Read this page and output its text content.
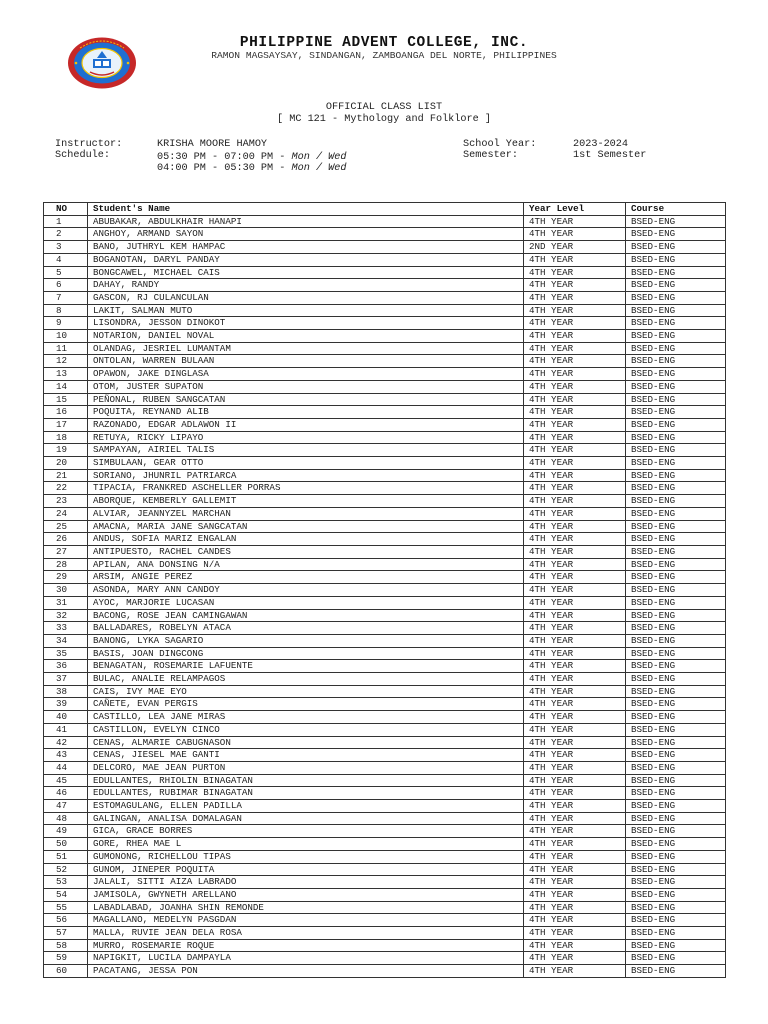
PHILIPPINE ADVENT COLLEGE, INC.
RAMON MAGSAYSAY, SINDANGAN, ZAMBOANGA DEL NORTE, PHILIPPINES
OFFICIAL CLASS LIST
[ MC 121 - Mythology and Folklore ]
Instructor:	KRISHA MOORE HAMOY
Schedule:	05:30 PM - 07:00 PM - Mon / Wed
04:00 PM - 05:30 PM - Mon / Wed
School Year:	2023-2024
Semester:	1st Semester
NO	Student's Name	Year Level	Course
1	ABUBAKAR, ABDULKHAIR HANAPI	4TH YEAR	BSED-ENG
2	ANGHOY, ARMAND SAYON	4TH YEAR	BSED-ENG
3	BANO, JUTHRYL KEM HAMPAC	2ND YEAR	BSED-ENG
4	BOGANOTAN, DARYL PANDAY	4TH YEAR	BSED-ENG
5	BONGCAWEL, MICHAEL CAIS	4TH YEAR	BSED-ENG
6	DAHAY, RANDY	4TH YEAR	BSED-ENG
7	GASCON, RJ CULANCULAN	4TH YEAR	BSED-ENG
8	LAKIT, SALMAN MUTO	4TH YEAR	BSED-ENG
9	LISONDRA, JESSON DINOKOT	4TH YEAR	BSED-ENG
10	NOTARION, DANIEL NOVAL	4TH YEAR	BSED-ENG
11	OLANDAG, JESRIEL LUMANTAM	4TH YEAR	BSED-ENG
12	ONTOLAN, WARREN BULAAN	4TH YEAR	BSED-ENG
13	OPAWON, JAKE DINGLASA	4TH YEAR	BSED-ENG
14	OTOM, JUSTER SUPATON	4TH YEAR	BSED-ENG
15	PEÑONAL, RUBEN SANGCATAN	4TH YEAR	BSED-ENG
16	POQUITA, REYNAND ALIB	4TH YEAR	BSED-ENG
17	RAZONADO, EDGAR ADLAWON II	4TH YEAR	BSED-ENG
18	RETUYA, RICKY LIPAYO	4TH YEAR	BSED-ENG
19	SAMPAYAN, AIRIEL TALIS	4TH YEAR	BSED-ENG
20	SIMBULAAN, GEAR OTTO	4TH YEAR	BSED-ENG
21	SORIANO, JHUNRIL PATRIARCA	4TH YEAR	BSED-ENG
22	TIPACIA, FRANKRED ASCHELLER PORRAS	4TH YEAR	BSED-ENG
23	ABORQUE, KEMBERLY GALLEMIT	4TH YEAR	BSED-ENG
24	ALVIAR, JEANNYZEL MARCHAN	4TH YEAR	BSED-ENG
25	AMACNA, MARIA JANE SANGCATAN	4TH YEAR	BSED-ENG
26	ANDUS, SOFIA MARIZ ENGALAN	4TH YEAR	BSED-ENG
27	ANTIPUESTO, RACHEL CANDES	4TH YEAR	BSED-ENG
28	APILAN, ANA DONSING N/A	4TH YEAR	BSED-ENG
29	ARSIM, ANGIE PEREZ	4TH YEAR	BSED-ENG
30	ASONDA, MARY ANN CANDOY	4TH YEAR	BSED-ENG
31	AYOC, MARJORIE LUCASAN	4TH YEAR	BSED-ENG
32	BACONG, ROSE JEAN CAMINGAWAN	4TH YEAR	BSED-ENG
33	BALLADARES, ROBELYN ATACA	4TH YEAR	BSED-ENG
34	BANONG, LYKA SAGARIO	4TH YEAR	BSED-ENG
35	BASIS, JOAN DINGCONG	4TH YEAR	BSED-ENG
36	BENAGATAN, ROSEMARIE LAFUENTE	4TH YEAR	BSED-ENG
37	BULAC, ANALIE RELAMPAGOS	4TH YEAR	BSED-ENG
38	CAIS, IVY MAE EYO	4TH YEAR	BSED-ENG
39	CAÑETE, EVAN PERGIS	4TH YEAR	BSED-ENG
40	CASTILLO, LEA JANE MIRAS	4TH YEAR	BSED-ENG
41	CASTILLON, EVELYN CINCO	4TH YEAR	BSED-ENG
42	CENAS, ALMARIE CABUGNASON	4TH YEAR	BSED-ENG
43	CENAS, JIESEL MAE GANTI	4TH YEAR	BSED-ENG
44	DELCORO, MAE JEAN PURTON	4TH YEAR	BSED-ENG
45	EDULLANTES, RHIOLIN BINAGATAN	4TH YEAR	BSED-ENG
46	EDULLANTES, RUBIMAR BINAGATAN	4TH YEAR	BSED-ENG
47	ESTOMAGULANG, ELLEN PADILLA	4TH YEAR	BSED-ENG
48	GALINGAN, ANALISA DOMALAGAN	4TH YEAR	BSED-ENG
49	GICA, GRACE BORRES	4TH YEAR	BSED-ENG
50	GORE, RHEA MAE L	4TH YEAR	BSED-ENG
51	GUMONONG, RICHELLOU TIPAS	4TH YEAR	BSED-ENG
52	GUNOM, JINEPER POQUITA	4TH YEAR	BSED-ENG
53	JALALI, SITTI AIZA LABRADO	4TH YEAR	BSED-ENG
54	JAMISOLA, GWYNETH ARELLANO	4TH YEAR	BSED-ENG
55	LABADLABAD, JOANHA SHIN REMONDE	4TH YEAR	BSED-ENG
56	MAGALLANO, MEDELYN PASGDAN	4TH YEAR	BSED-ENG
57	MALLA, RUVIE JEAN DELA ROSA	4TH YEAR	BSED-ENG
58	MURRO, ROSEMARIE ROQUE	4TH YEAR	BSED-ENG
59	NAPIGKIT, LUCILA DAMPAYLA	4TH YEAR	BSED-ENG
60	PACATANG, JESSA PON	4TH YEAR	BSED-ENG
